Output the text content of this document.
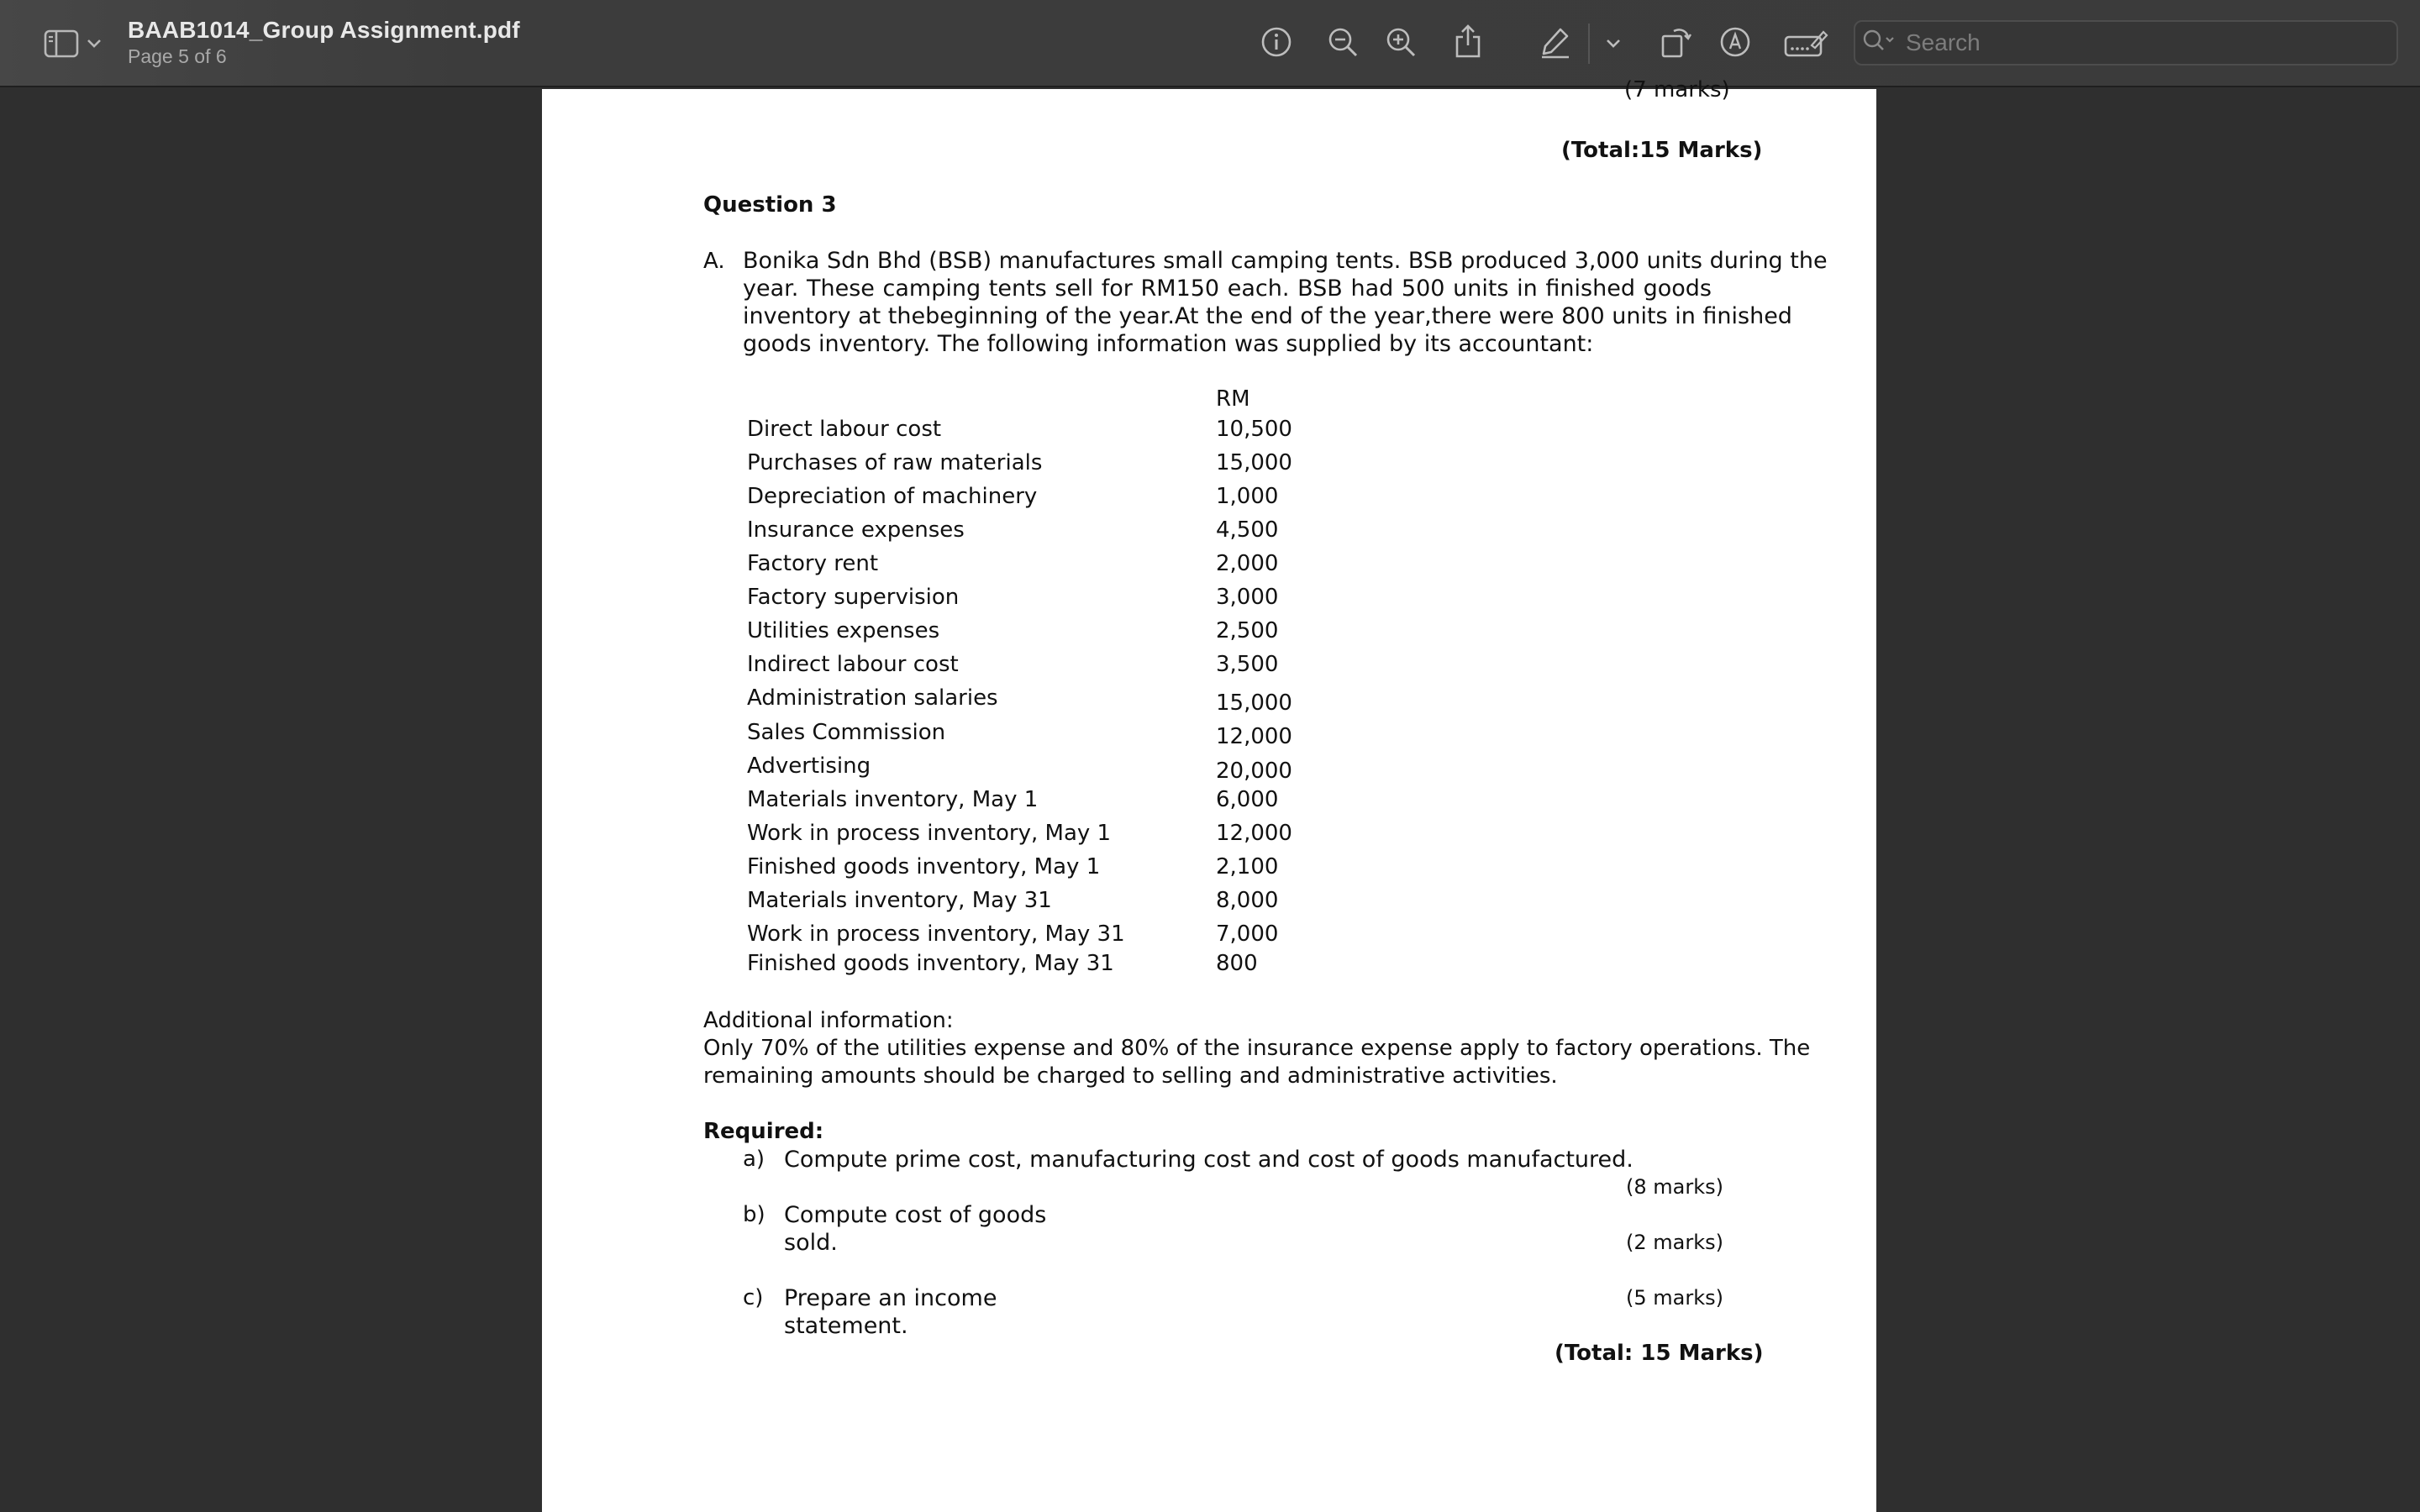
BAAB1014_Group Assignment.pdf
Page 5 of 6
Search
(7 marks)
(Total:15 Marks)
Question 3
A. Bonika Sdn Bhd (BSB) manufactures small camping tents. BSB produced 3,000 units during the
year. These camping tents sell for RM150 each. BSB had 500 units in finished goods
inventory at thebeginning of the year.At the end of the year,there were 800 units in finished
goods inventory. The following information was supplied by its accountant:
RM
Direct labour cost	10,500
Purchases of raw materials	15,000
Depreciation of machinery	1,000
Insurance expenses	4,500
Factory rent	2,000
Factory supervision	3,000
Utilities expenses	2,500
Indirect labour cost	3,500
Administration salaries	15,000
Sales Commission	12,000
Advertising	20,000
Materials inventory, May 1	6,000
Work in process inventory, May 1	12,000
Finished goods inventory, May 1	2,100
Materials inventory, May 31	8,000
Work in process inventory, May 31	7,000
Finished goods inventory, May 31	800
Additional information:
Only 70% of the utilities expense and 80% of the insurance expense apply to factory operations. The
remaining amounts should be charged to selling and administrative activities.
Required:
a) Compute prime cost, manufacturing cost and cost of goods manufactured.
(8 marks)
b) Compute cost of goods
sold.	(2 marks)
c) Prepare an income
statement.
(5 marks)
(Total: 15 Marks)
